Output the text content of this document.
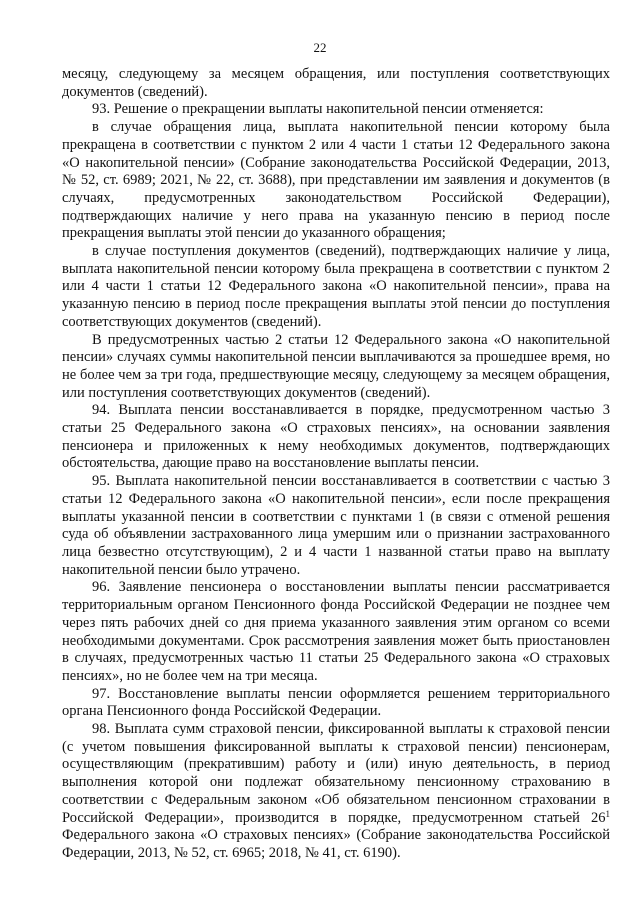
22

месяцу, следующему за месяцем обращения, или поступления соответствующих документов (сведений).

93. Решение о прекращении выплаты накопительной пенсии отменяется:

в случае обращения лица, выплата накопительной пенсии которому была прекращена в соответствии с пунктом 2 или 4 части 1 статьи 12 Федерального закона «О накопительной пенсии» (Собрание законодательства Российской Федерации, 2013, № 52, ст. 6989; 2021, № 22, ст. 3688), при представлении им заявления и документов (в случаях, предусмотренных законодательством Российской Федерации), подтверждающих наличие у него права на указанную пенсию в период после прекращения выплаты этой пенсии до указанного обращения;

в случае поступления документов (сведений), подтверждающих наличие у лица, выплата накопительной пенсии которому была прекращена в соответствии с пунктом 2 или 4 части 1 статьи 12 Федерального закона «О накопительной пенсии», права на указанную пенсию в период после прекращения выплаты этой пенсии до поступления соответствующих документов (сведений).

В предусмотренных частью 2 статьи 12 Федерального закона «О накопительной пенсии» случаях суммы накопительной пенсии выплачиваются за прошедшее время, но не более чем за три года, предшествующие месяцу, следующему за месяцем обращения, или поступления соответствующих документов (сведений).

94. Выплата пенсии восстанавливается в порядке, предусмотренном частью 3 статьи 25 Федерального закона «О страховых пенсиях», на основании заявления пенсионера и приложенных к нему необходимых документов, подтверждающих обстоятельства, дающие право на восстановление выплаты пенсии.

95. Выплата накопительной пенсии восстанавливается в соответствии с частью 3 статьи 12 Федерального закона «О накопительной пенсии», если после прекращения выплаты указанной пенсии в соответствии с пунктами 1 (в связи с отменой решения суда об объявлении застрахованного лица умершим или о признании застрахованного лица безвестно отсутствующим), 2 и 4 части 1 названной статьи право на выплату накопительной пенсии было утрачено.

96. Заявление пенсионера о восстановлении выплаты пенсии рассматривается территориальным органом Пенсионного фонда Российской Федерации не позднее чем через пять рабочих дней со дня приема указанного заявления этим органом со всеми необходимыми документами. Срок рассмотрения заявления может быть приостановлен в случаях, предусмотренных частью 11 статьи 25 Федерального закона «О страховых пенсиях», но не более чем на три месяца.

97. Восстановление выплаты пенсии оформляется решением территориального органа Пенсионного фонда Российской Федерации.

98. Выплата сумм страховой пенсии, фиксированной выплаты к страховой пенсии (с учетом повышения фиксированной выплаты к страховой пенсии) пенсионерам, осуществляющим (прекратившим) работу и (или) иную деятельность, в период выполнения которой они подлежат обязательному пенсионному страхованию в соответствии с Федеральным законом «Об обязательном пенсионном страховании в Российской Федерации», производится в порядке, предусмотренном статьей $26^1$ Федерального закона «О страховых пенсиях» (Собрание законодательства Российской Федерации, 2013, № 52, ст. 6965; 2018, № 41, ст. 6190).
